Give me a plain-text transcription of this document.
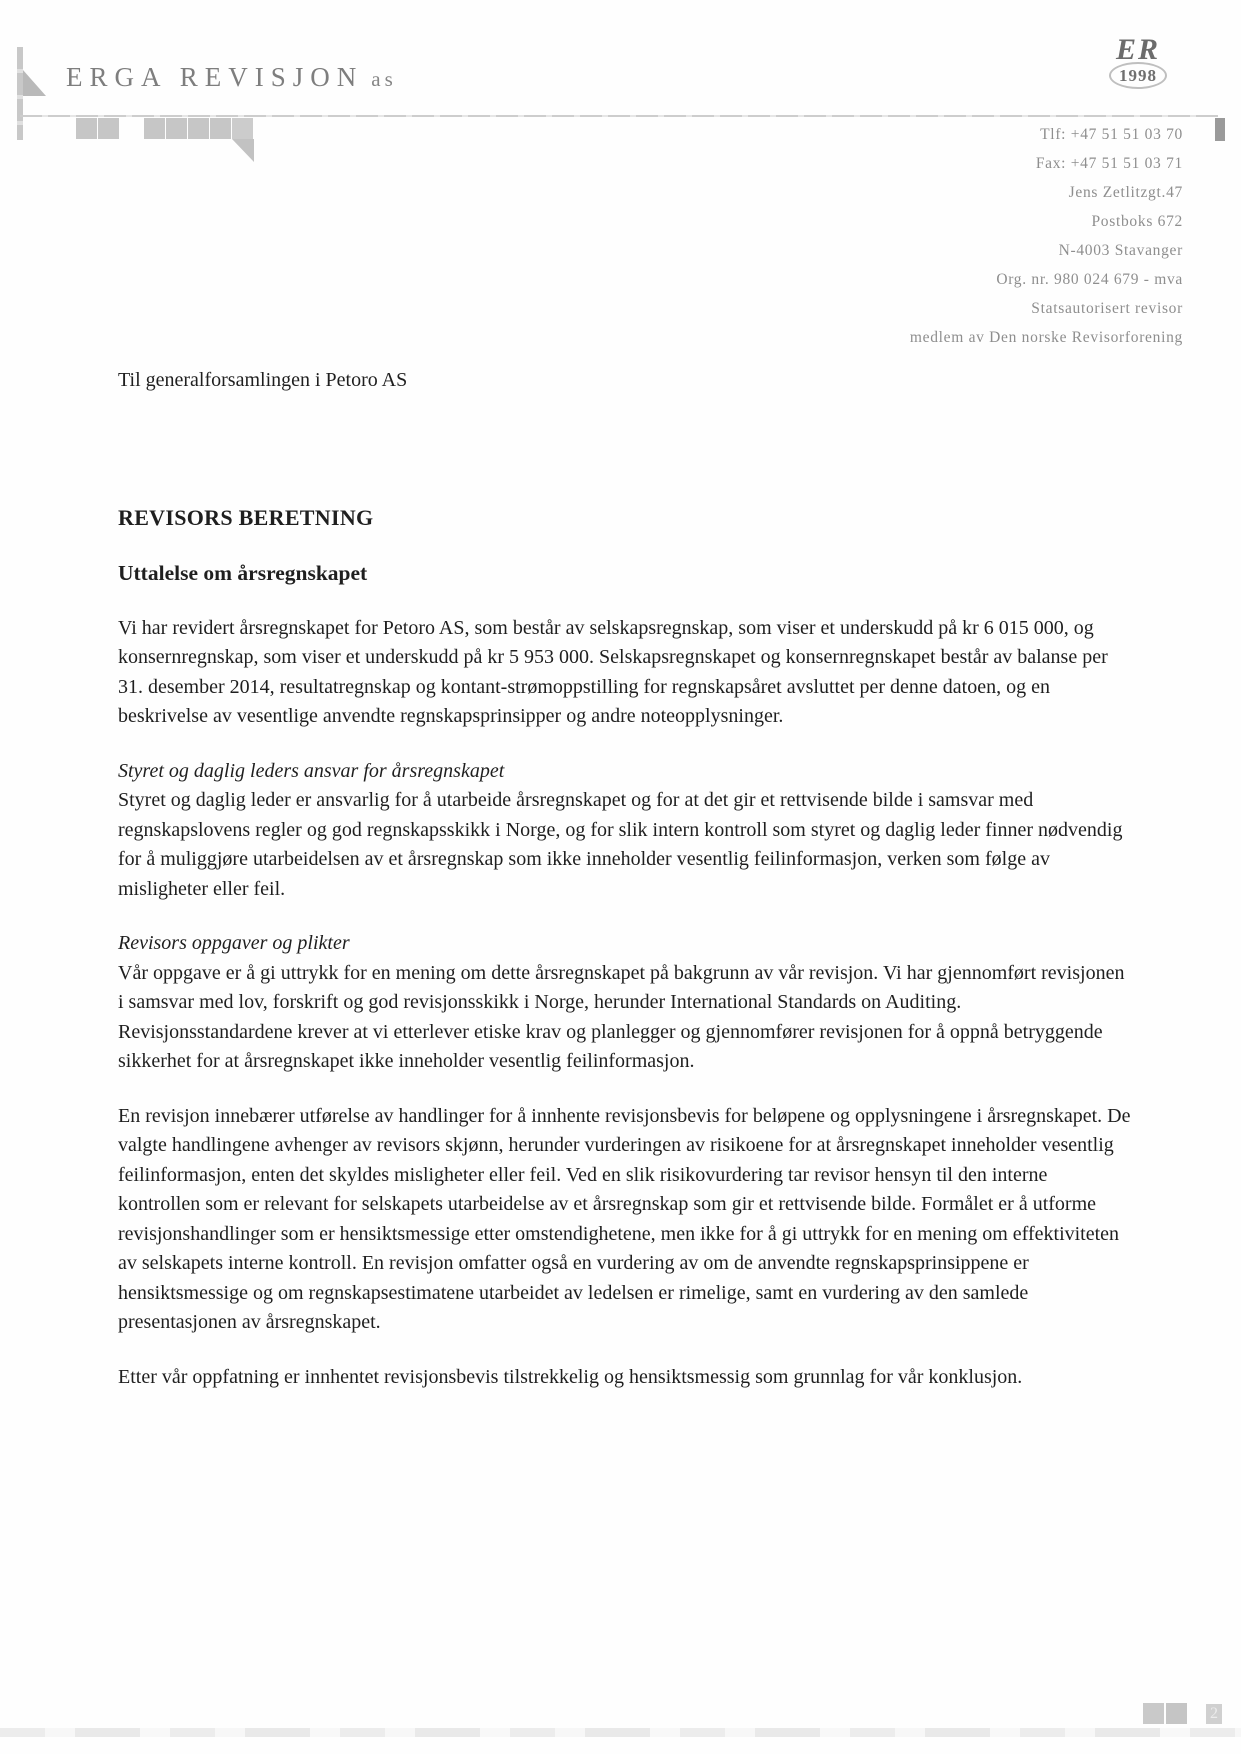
ERGA REVISJON as
ER
1998
Tlf: +47 51 51 03 70
Fax: +47 51 51 03 71
Jens Zetlitzgt.47
Postboks 672
N-4003 Stavanger
Org. nr. 980 024 679 - mva
Statsautorisert revisor
medlem av Den norske Revisorforening
Til generalforsamlingen i Petoro AS
REVISORS BERETNING
Uttalelse om årsregnskapet
Vi har revidert årsregnskapet for Petoro AS, som består av selskapsregnskap, som viser et underskudd på kr 6 015 000, og konsernregnskap, som viser et underskudd på kr 5 953 000. Selskapsregnskapet og konsernregnskapet består av balanse per 31. desember 2014, resultatregnskap og kontant-strømoppstilling for regnskapsåret avsluttet per denne datoen, og en beskrivelse av vesentlige anvendte regnskapsprinsipper og andre noteopplysninger.
Styret og daglig leders ansvar for årsregnskapet
Styret og daglig leder er ansvarlig for å utarbeide årsregnskapet og for at det gir et rettvisende bilde i samsvar med regnskapslovens regler og god regnskapsskikk i Norge, og for slik intern kontroll som styret og daglig leder finner nødvendig for å muliggjøre utarbeidelsen av et årsregnskap som ikke inneholder vesentlig feilinformasjon, verken som følge av misligheter eller feil.
Revisors oppgaver og plikter
Vår oppgave er å gi uttrykk for en mening om dette årsregnskapet på bakgrunn av vår revisjon. Vi har gjennomført revisjonen i samsvar med lov, forskrift og god revisjonsskikk i Norge, herunder International Standards on Auditing. Revisjonsstandardene krever at vi etterlever etiske krav og planlegger og gjennomfører revisjonen for å oppnå betryggende sikkerhet for at årsregnskapet ikke inneholder vesentlig feilinformasjon.
En revisjon innebærer utførelse av handlinger for å innhente revisjonsbevis for beløpene og opplysningene i årsregnskapet. De valgte handlingene avhenger av revisors skjønn, herunder vurderingen av risikoene for at årsregnskapet inneholder vesentlig feilinformasjon, enten det skyldes misligheter eller feil. Ved en slik risikovurdering tar revisor hensyn til den interne kontrollen som er relevant for selskapets utarbeidelse av et årsregnskap som gir et rettvisende bilde. Formålet er å utforme revisjonshandlinger som er hensiktsmessige etter omstendighetene, men ikke for å gi uttrykk for en mening om effektiviteten av selskapets interne kontroll. En revisjon omfatter også en vurdering av om de anvendte regnskapsprinsippene er hensiktsmessige og om regnskapsestimatene utarbeidet av ledelsen er rimelige, samt en vurdering av den samlede presentasjonen av årsregnskapet.
Etter vår oppfatning er innhentet revisjonsbevis tilstrekkelig og hensiktsmessig som grunnlag for vår konklusjon.
2
